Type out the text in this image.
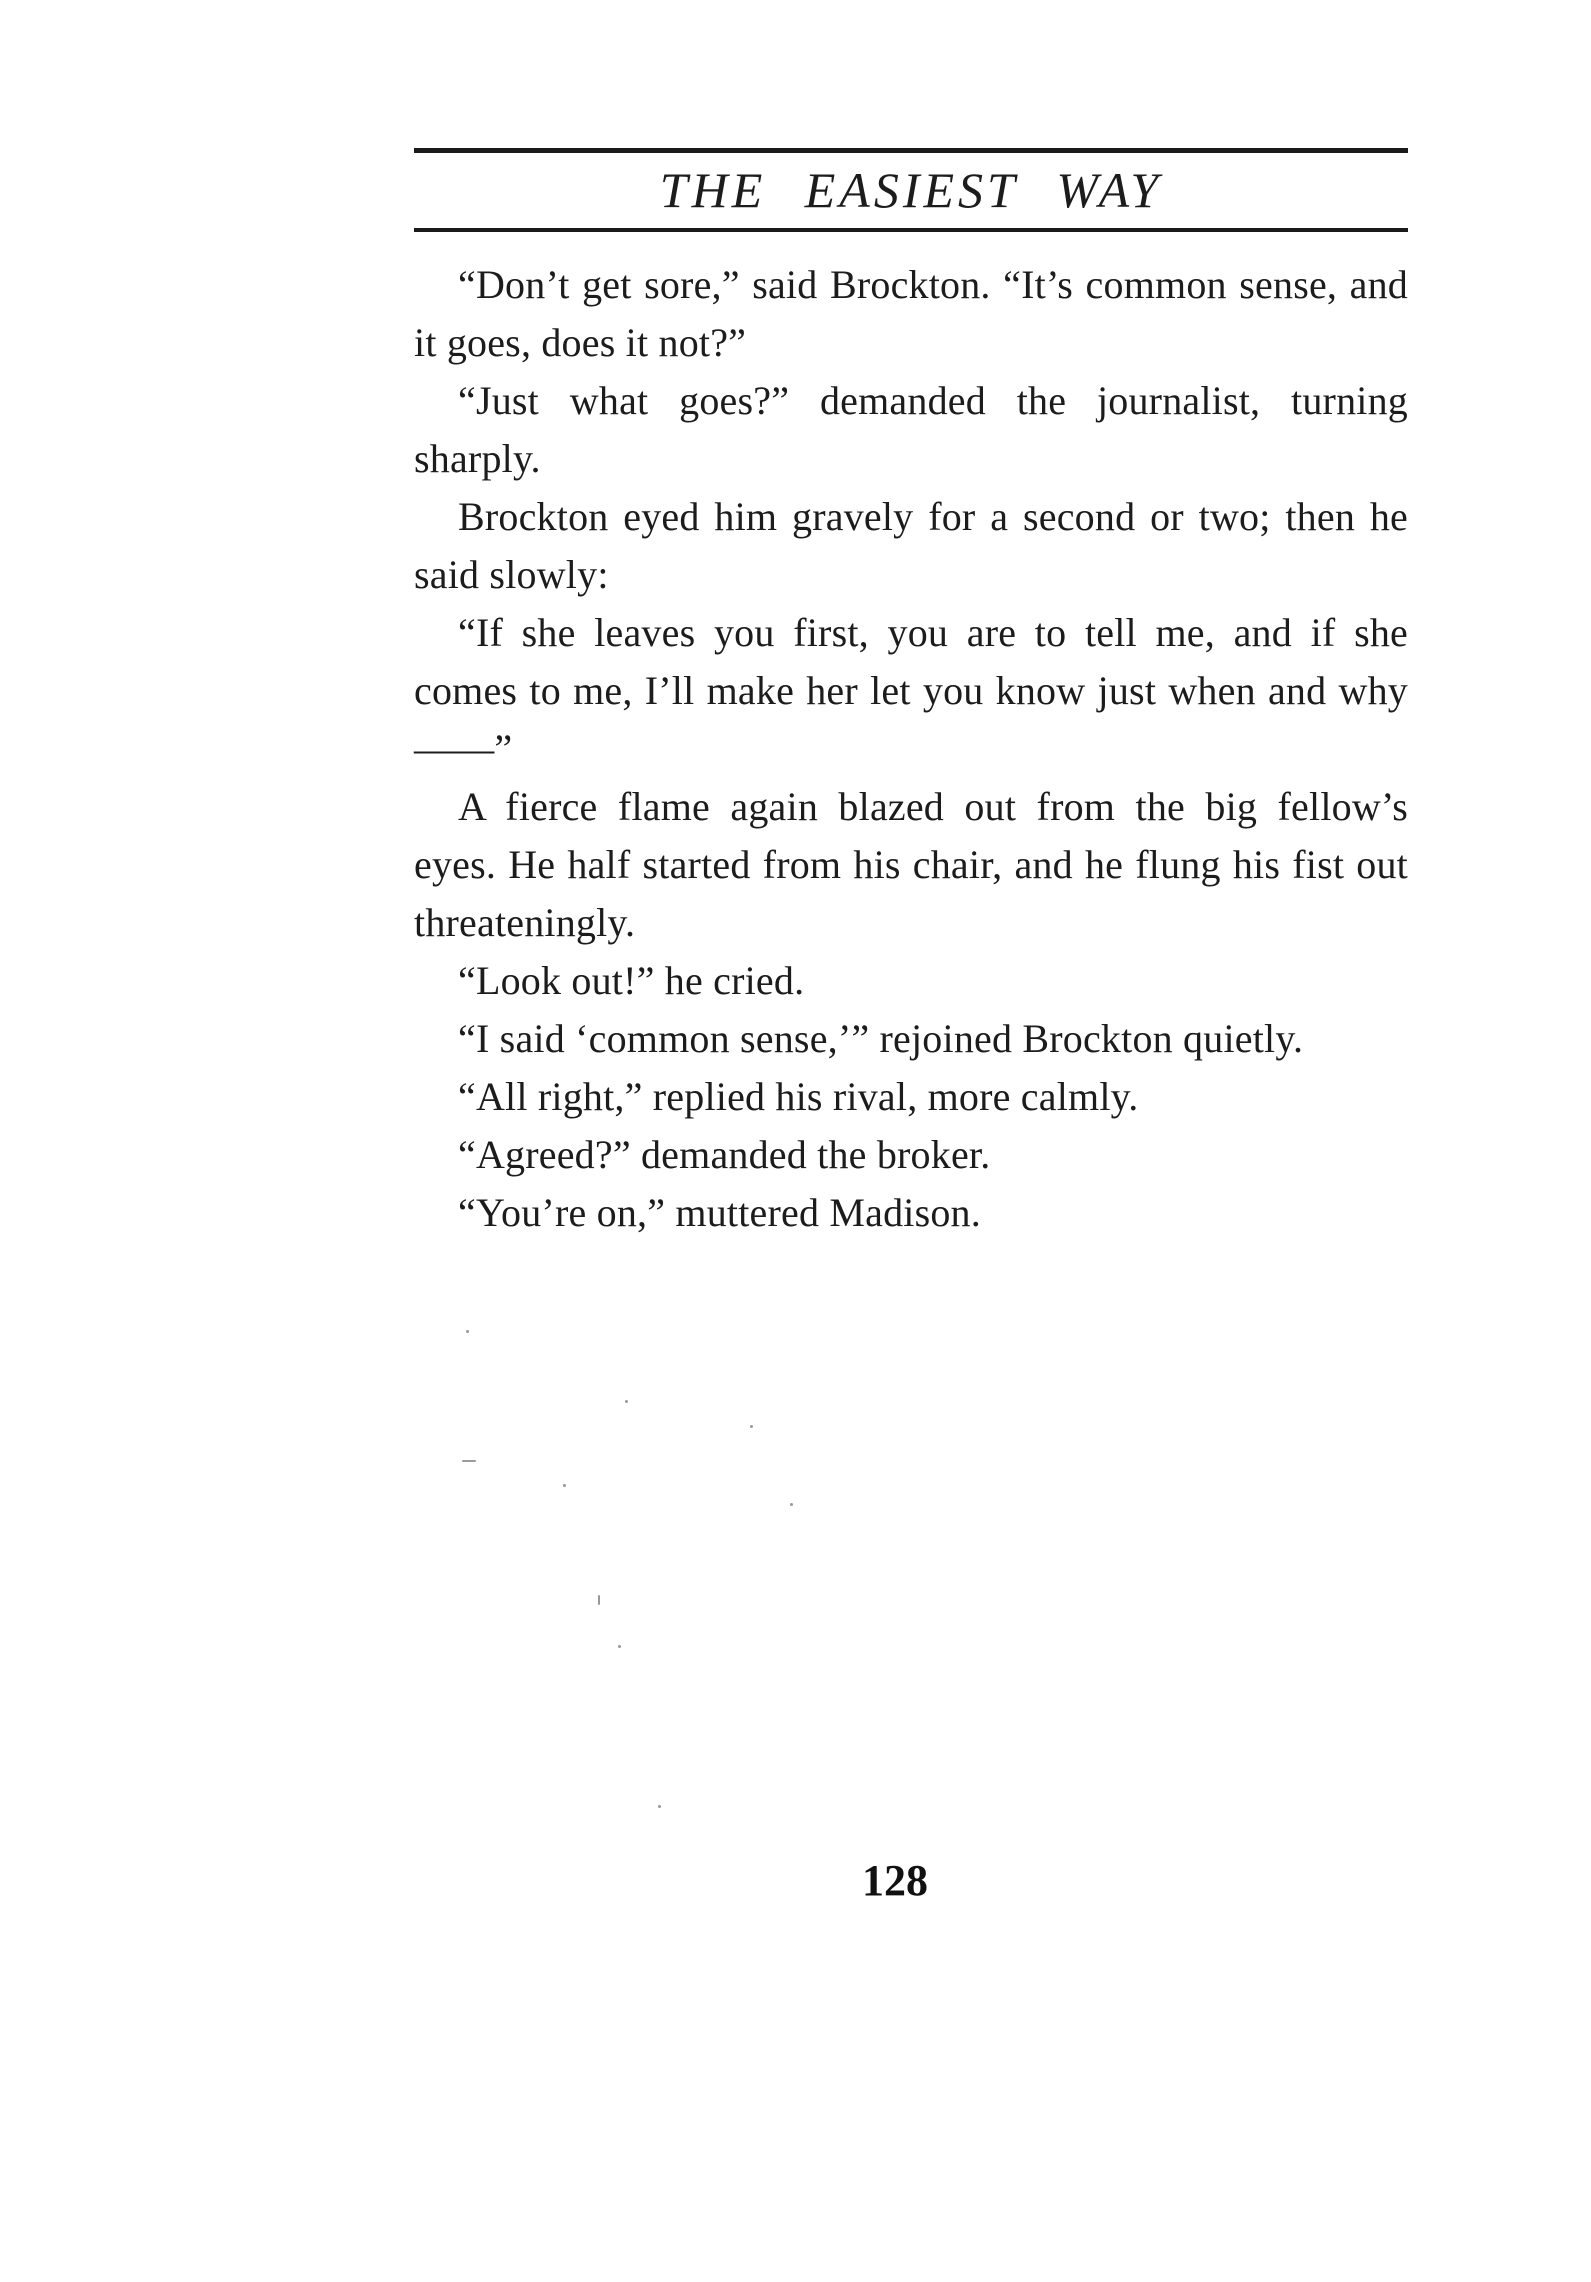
THE EASIEST WAY

“Don’t get sore,” said Brockton. “It’s common sense, and it goes, does it not?”

“Just what goes?” demanded the journalist, turning sharply.

Brockton eyed him gravely for a second or two; then he said slowly:

“If she leaves you first, you are to tell me, and if she comes to me, I’ll make her let you know just when and why——”

A fierce flame again blazed out from the big fellow’s eyes. He half started from his chair, and he flung his fist out threateningly.

“Look out!” he cried.

“I said ‘common sense,’” rejoined Brockton quietly.

“All right,” replied his rival, more calmly.

“Agreed?” demanded the broker.

“You’re on,” muttered Madison.

128
